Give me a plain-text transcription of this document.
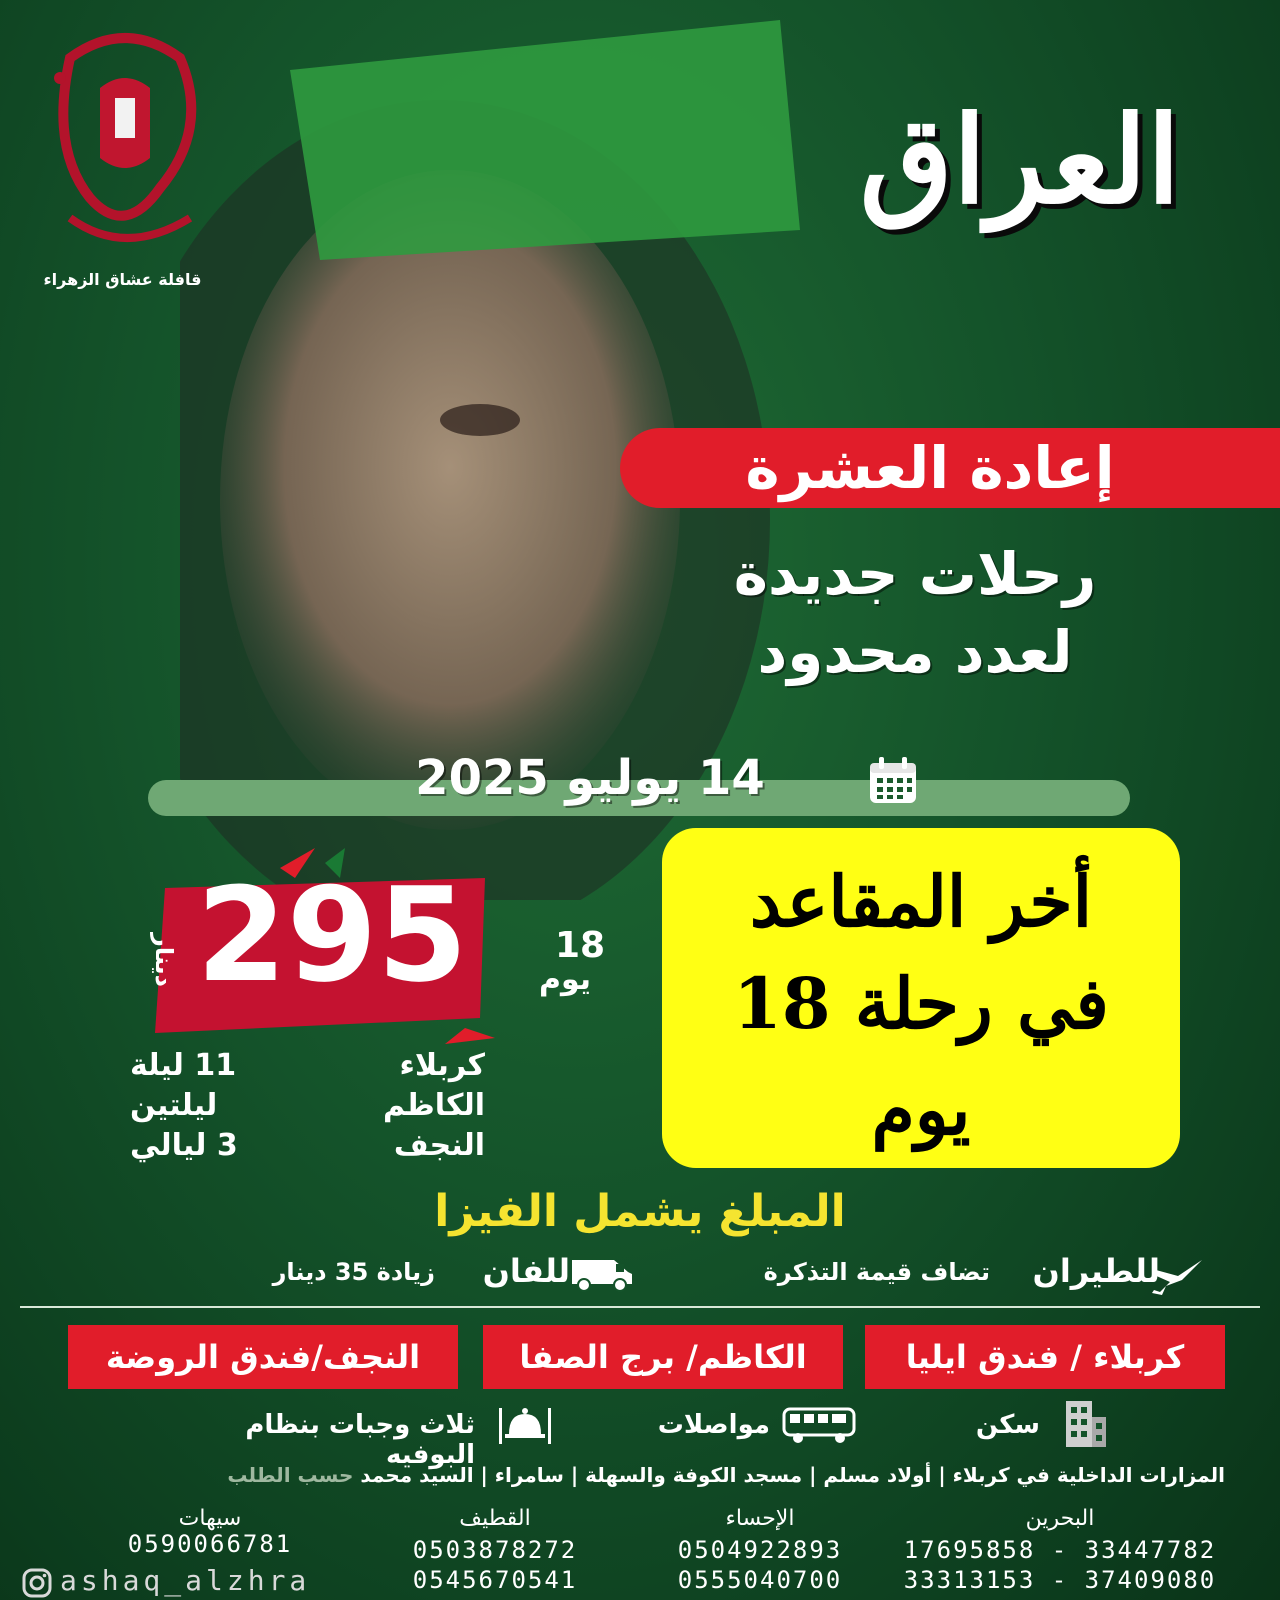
قافلة عشاق الزهراء
العراق
إعادة العشرة
رحلات جديدة
لعدد محدود
14 يوليو 2025
295
دينار	18
يوم
كربلاء
11 ليلة
الكاظم
ليلتين
النجف
3 ليالي
أخر المقاعد
في رحلة 18
يوم
المبلغ يشمل الفيزا
للطيران
تضاف قيمة التذكرة
للفان
زيادة 35 دينار
كربلاء / فندق ايليا
الكاظم/ برج الصفا
النجف/فندق الروضة
سكن
مواصلات
ثلاث وجبات بنظام البوفيه
المزارات الداخلية في كربلاء | أولاد مسلم | مسجد الكوفة والسهلة | سامراء | السيد محمد حسب الطلب
البحرين
17695858 - 33447782
33313153 - 37409080
الإحساء
0504922893
0555040700
القطيف
0503878272
0545670541
سيهات
0590066781
ashaq_alzhra
